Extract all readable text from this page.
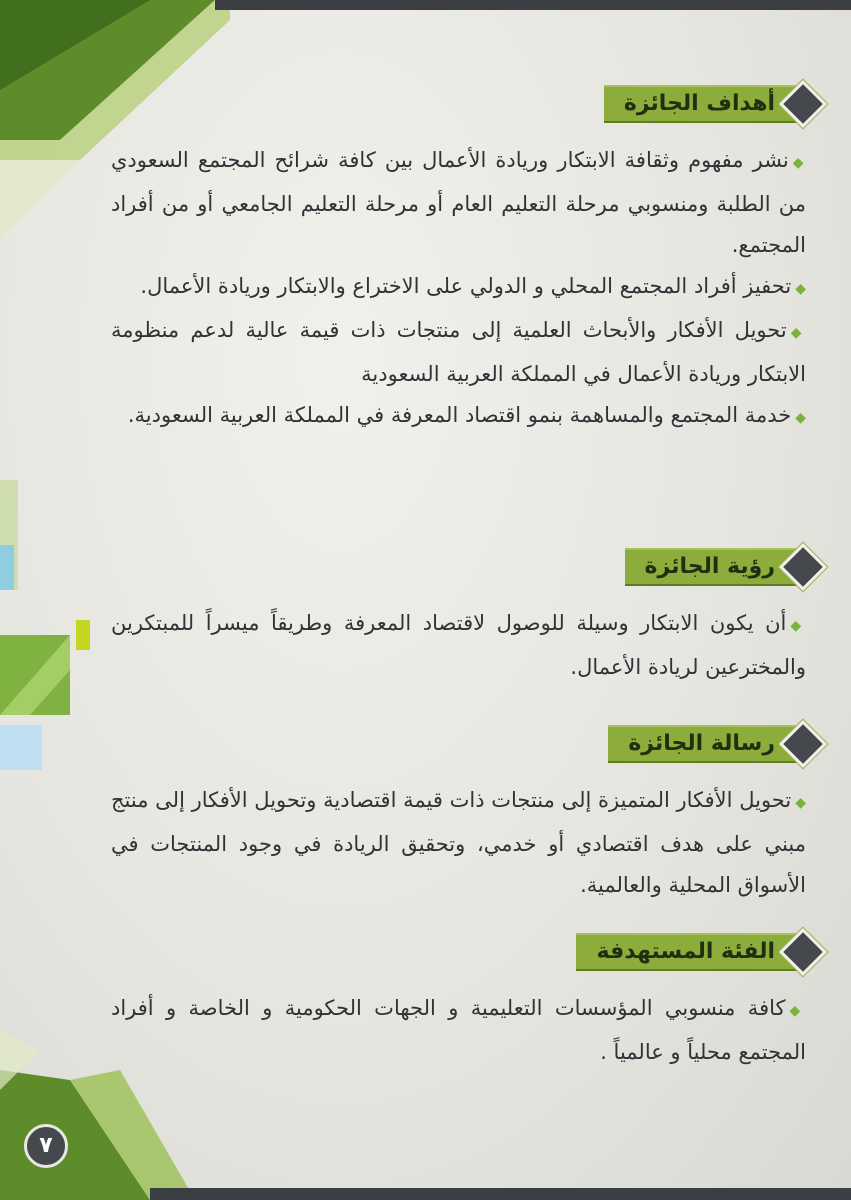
أهداف الجائزة
◆نشر مفهوم وثقافة الابتكار وريادة الأعمال بين كافة شرائح المجتمع السعودي من الطلبة ومنسوبي مرحلة التعليم العام أو مرحلة التعليم الجامعي أو من أفراد المجتمع.
◆تحفيز أفراد المجتمع المحلي و الدولي على الاختراع والابتكار وريادة الأعمال.
◆تحويل الأفكار والأبحاث العلمية إلى منتجات ذات قيمة عالية لدعم منظومة الابتكار وريادة الأعمال في المملكة العربية السعودية
◆خدمة المجتمع والمساهمة بنمو اقتصاد المعرفة في المملكة العربية السعودية.
رؤية الجائزة
◆أن يكون الابتكار وسيلة للوصول لاقتصاد المعرفة وطريقاً ميسراً للمبتكرين والمخترعين لريادة الأعمال.
رسالة الجائزة
◆تحويل الأفكار المتميزة إلى منتجات ذات قيمة اقتصادية وتحويل الأفكار إلى منتج مبني على هدف اقتصادي أو خدمي، وتحقيق الريادة في وجود المنتجات في الأسواق المحلية والعالمية.
الفئة المستهدفة
◆كافة منسوبي المؤسسات التعليمية و الجهات الحكومية و الخاصة و أفراد المجتمع محلياً و عالمياً .
٧
